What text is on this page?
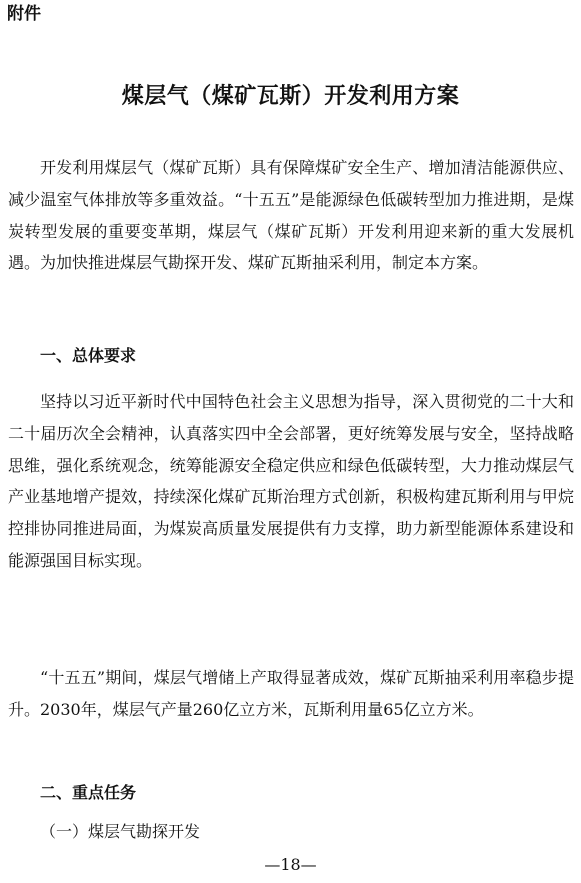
附件
煤层气（煤矿瓦斯）开发利用方案

开发利用煤层气（煤矿瓦斯）具有保障煤矿安全生产、增加清洁能源供应、减少温室气体排放等多重效益。“十五五”是能源绿色低碳转型加力推进期，是煤炭转型发展的重要变革期，煤层气（煤矿瓦斯）开发利用迎来新的重大发展机遇。为加快推进煤层气勘探开发、煤矿瓦斯抽采利用，制定本方案。

一、总体要求

坚持以习近平新时代中国特色社会主义思想为指导，深入贯彻党的二十大和二十届历次全会精神，认真落实四中全会部署，更好统筹发展与安全，坚持战略思维，强化系统观念，统筹能源安全稳定供应和绿色低碳转型，大力推动煤层气产业基地增产提效，持续深化煤矿瓦斯治理方式创新，积极构建瓦斯利用与甲烷控排协同推进局面，为煤炭高质量发展提供有力支撑，助力新型能源体系建设和能源强国目标实现。

“十五五”期间，煤层气增储上产取得显著成效，煤矿瓦斯抽采利用率稳步提升。2030年，煤层气产量260亿立方米，瓦斯利用量65亿立方米。

二、重点任务

（一）煤层气勘探开发

—18—
